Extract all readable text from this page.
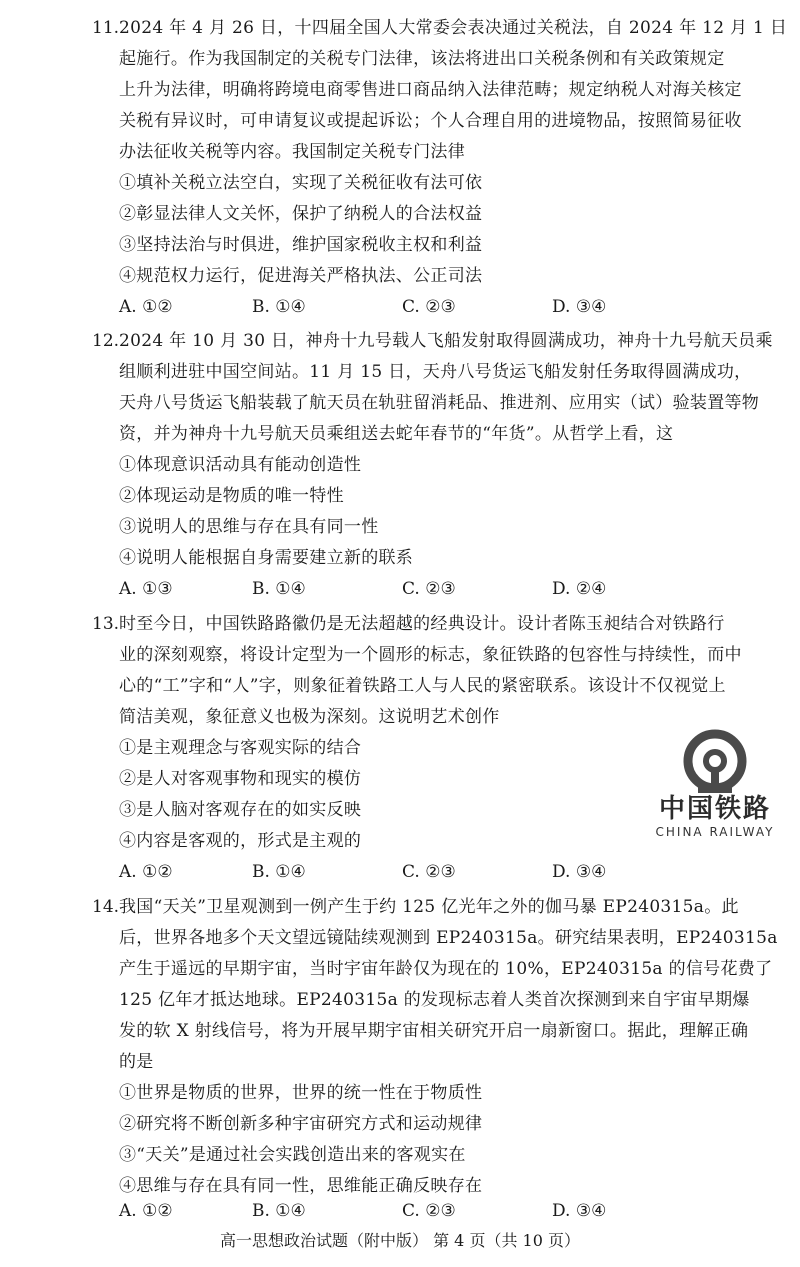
11. 2024 年 4 月 26 日，十四届全国人大常委会表决通过关税法，自 2024 年 12 月 1 日
起施行。作为我国制定的关税专门法律，该法将进出口关税条例和有关政策规定
上升为法律，明确将跨境电商零售进口商品纳入法律范畴；规定纳税人对海关核定
关税有异议时，可申请复议或提起诉讼；个人合理自用的进境物品，按照简易征收
办法征收关税等内容。我国制定关税专门法律
①填补关税立法空白，实现了关税征收有法可依
②彰显法律人文关怀，保护了纳税人的合法权益
③坚持法治与时俱进，维护国家税收主权和利益
④规范权力运行，促进海关严格执法、公正司法
A. ①②	B. ①④	C. ②③	D. ③④
12. 2024 年 10 月 30 日，神舟十九号载人飞船发射取得圆满成功，神舟十九号航天员乘
组顺利进驻中国空间站。11 月 15 日，天舟八号货运飞船发射任务取得圆满成功，
天舟八号货运飞船装载了航天员在轨驻留消耗品、推进剂、应用实（试）验装置等物
资，并为神舟十九号航天员乘组送去蛇年春节的“年货”。从哲学上看，这
①体现意识活动具有能动创造性
②体现运动是物质的唯一特性
③说明人的思维与存在具有同一性
④说明人能根据自身需要建立新的联系
A. ①③	B. ①④	C. ②③	D. ②④
13. 时至今日，中国铁路路徽仍是无法超越的经典设计。设计者陈玉昶结合对铁路行
业的深刻观察，将设计定型为一个圆形的标志，象征铁路的包容性与持续性，而中
心的“工”字和“人”字，则象征着铁路工人与人民的紧密联系。该设计不仅视觉上
简洁美观，象征意义也极为深刻。这说明艺术创作
①是主观理念与客观实际的结合
②是人对客观事物和现实的模仿
③是人脑对客观存在的如实反映
④内容是客观的，形式是主观的
A. ①②	B. ①④	C. ②③	D. ③④
中国铁路
CHINA RAILWAY
14. 我国“天关”卫星观测到一例产生于约 125 亿光年之外的伽马暴 EP240315a。此
后，世界各地多个天文望远镜陆续观测到 EP240315a。研究结果表明，EP240315a
产生于遥远的早期宇宙，当时宇宙年龄仅为现在的 10%，EP240315a 的信号花费了
125 亿年才抵达地球。EP240315a 的发现标志着人类首次探测到来自宇宙早期爆
发的软 X 射线信号，将为开展早期宇宙相关研究开启一扇新窗口。据此，理解正确
的是
①世界是物质的世界，世界的统一性在于物质性
②研究将不断创新多种宇宙研究方式和运动规律
③“天关”是通过社会实践创造出来的客观实在
④思维与存在具有同一性，思维能正确反映存在
A. ①②	B. ①④	C. ②③	D. ③④
高一思想政治试题（附中版） 第 4 页（共 10 页）
